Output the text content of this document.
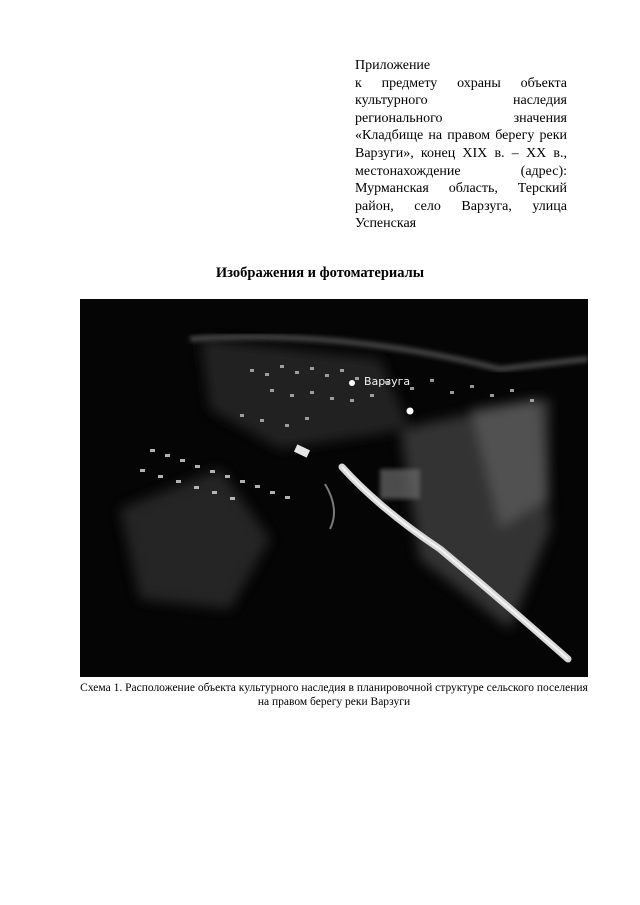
Приложение
к предмету охраны объекта культурного наследия регионального значения «Кладбище на правом берегу реки Варзуги», конец XIX в. – XX в., местонахождение (адрес): Мурманская область, Терский район, село Варзуга, улица Успенская
Изображения и фотоматериалы
Варзуга
Схема 1. Расположение объекта культурного наследия в планировочной структуре сельского поселения на правом берегу реки Варзуги
